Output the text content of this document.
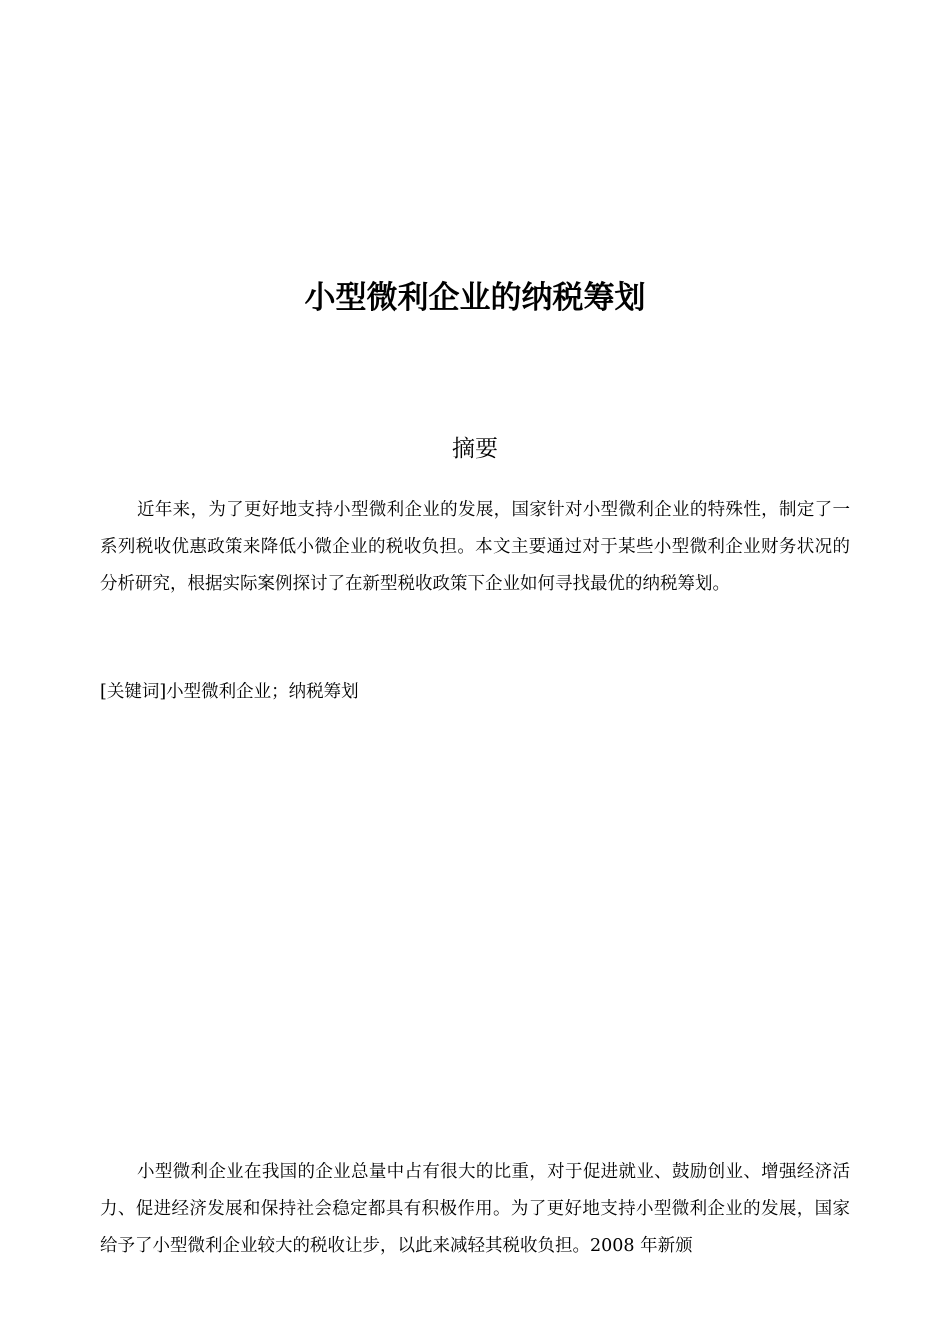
小型微利企业的纳税筹划
摘要

近年来，为了更好地支持小型微利企业的发展，国家针对小型微利企业的特殊性，制定了一系列税收优惠政策来降低小微企业的税收负担。本文主要通过对于某些小型微利企业财务状况的分析研究，根据实际案例探讨了在新型税收政策下企业如何寻找最优的纳税筹划。

[关键词]小型微利企业；纳税筹划

小型微利企业在我国的企业总量中占有很大的比重，对于促进就业、鼓励创业、增强经济活力、促进经济发展和保持社会稳定都具有积极作用。为了更好地支持小型微利企业的发展，国家给予了小型微利企业较大的税收让步，以此来减轻其税收负担。2008 年新颁
